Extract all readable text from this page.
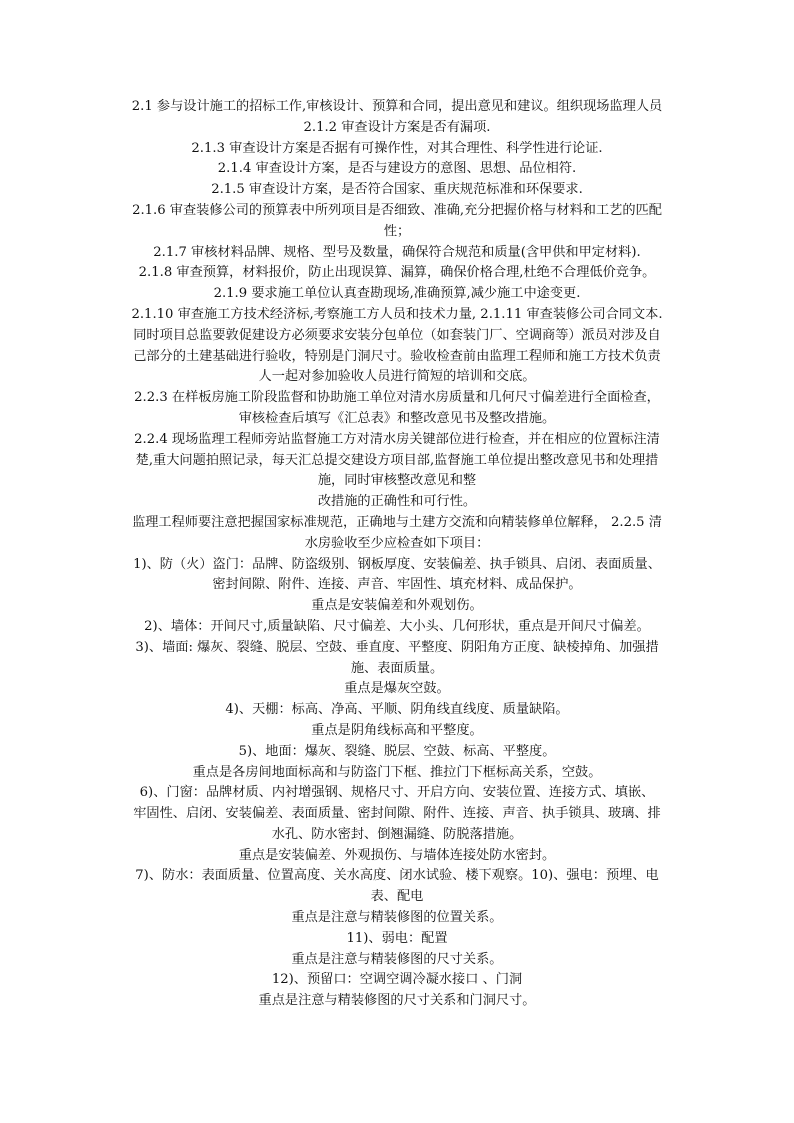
2.1 参与设计施工的招标工作,审核设计、预算和合同，提出意见和建议。组织现场监理人员
2.1.2 审查设计方案是否有漏项.
2.1.3 审查设计方案是否据有可操作性，对其合理性、科学性进行论证.
2.1.4 审查设计方案，是否与建设方的意图、思想、品位相符.
2.1.5 审查设计方案，是否符合国家、重庆规范标准和环保要求.
2.1.6 审查装修公司的预算表中所列项目是否细致、准确,充分把握价格与材料和工艺的匹配
性；
2.1.7 审核材料品牌、规格、型号及数量，确保符合规范和质量(含甲供和甲定材料).
2.1.8 审查预算，材料报价，防止出现误算、漏算，确保价格合理,杜绝不合理低价竞争。
2.1.9 要求施工单位认真查勘现场,准确预算,减少施工中途变更.
2.1.10 审查施工方技术经济标,考察施工方人员和技术力量, 2.1.11 审查装修公司合同文本.
同时项目总监要敦促建设方必须要求安装分包单位（如套装门厂、空调商等）派员对涉及自
己部分的土建基础进行验收，特别是门洞尺寸。验收检查前由监理工程师和施工方技术负责
人一起对参加验收人员进行简短的培训和交底。
2.2.3 在样板房施工阶段监督和协助施工单位对清水房质量和几何尺寸偏差进行全面检查，
审核检查后填写《汇总表》和整改意见书及整改措施。
2.2.4 现场监理工程师旁站监督施工方对清水房关键部位进行检查，并在相应的位置标注清
楚,重大问题拍照记录，每天汇总提交建设方项目部,监督施工单位提出整改意见书和处理措
施，同时审核整改意见和整
改措施的正确性和可行性。
监理工程师要注意把握国家标准规范，正确地与土建方交流和向精装修单位解释， 2.2.5 清
水房验收至少应检查如下项目：
1)、防（火）盗门：品牌、防盗级别、钢板厚度、安装偏差、执手锁具、启闭、表面质量、
密封间隙、附件、连接、声音、牢固性、填充材料、成品保护。
重点是安装偏差和外观划伤。
2)、墙体：开间尺寸,质量缺陷、尺寸偏差、大小头、几何形状，重点是开间尺寸偏差。
3)、墙面: 爆灰、裂缝、脱层、空鼓、垂直度、平整度、阴阳角方正度、缺棱掉角、加强措
施、表面质量。
重点是爆灰空鼓。
4)、天棚：标高、净高、平顺、阴角线直线度、质量缺陷。
重点是阴角线标高和平整度。
5)、地面：爆灰、裂缝、脱层、空鼓、标高、平整度。
重点是各房间地面标高和与防盗门下框、推拉门下框标高关系，空鼓。
6)、门窗：品牌材质、内衬增强钢、规格尺寸、开启方向、安装位置、连接方式、填嵌、
牢固性、启闭、安装偏差、表面质量、密封间隙、附件、连接、声音、执手锁具、玻璃、排
水孔、防水密封、倒翘漏缝、防脱落措施。
重点是安装偏差、外观损伤、与墙体连接处防水密封。
7)、防水：表面质量、位置高度、关水高度、闭水试验、楼下观察。10)、强电：预埋、电
表、配电
重点是注意与精装修图的位置关系。
11)、弱电：配置
重点是注意与精装修图的尺寸关系。
12)、预留口：空调空调冷凝水接口 、门洞
重点是注意与精装修图的尺寸关系和门洞尺寸。
